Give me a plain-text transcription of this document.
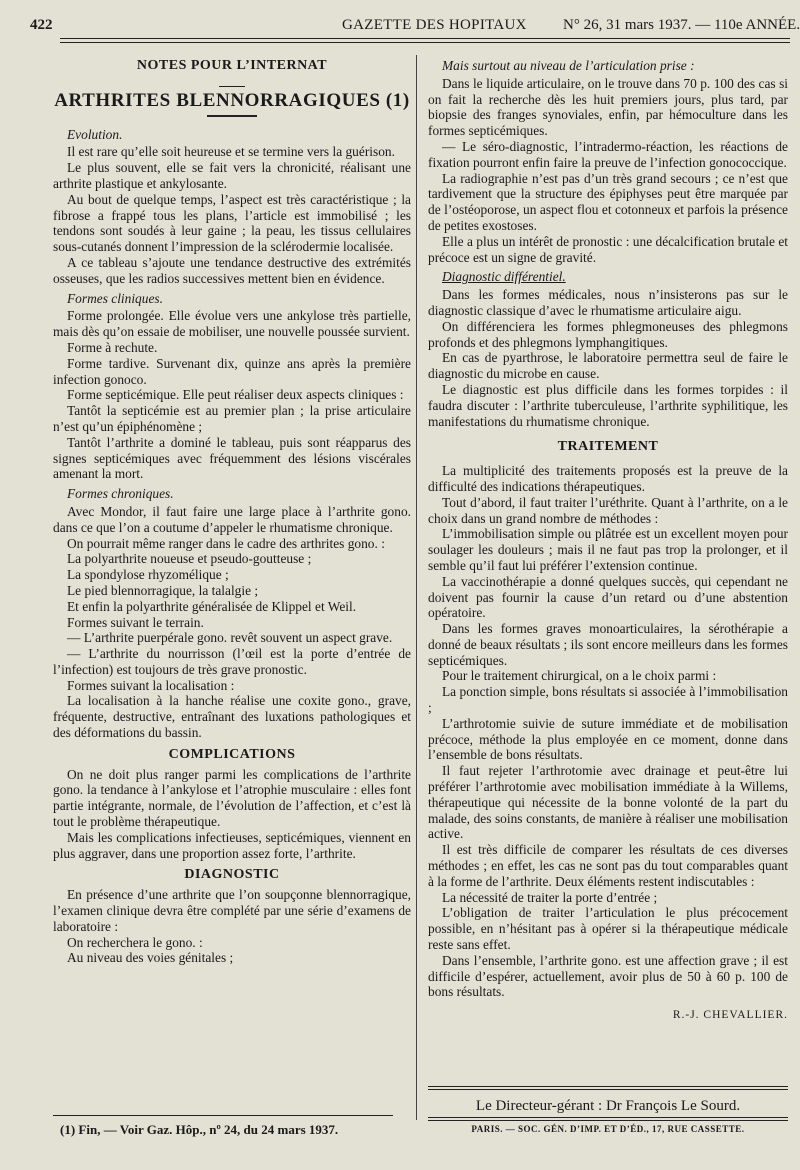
422	GAZETTE DES HOPITAUX N° 26, 31 mars 1937. — 110e ANNÉE.
NOTES POUR L’INTERNAT
ARTHRITES BLENNORRAGIQUES (1)
Evolution.

Il est rare qu’elle soit heureuse et se termine vers la guérison.

Le plus souvent, elle se fait vers la chronicité, réalisant une arthrite plastique et ankylosante.

Au bout de quelque temps, l’aspect est très caractéristique ; la fibrose a frappé tous les plans, l’article est immobilisé ; les tendons sont soudés à leur gaine ; la peau, les tissus cellulaires sous-cutanés donnent l’impression de la sclérodermie localisée.

A ce tableau s’ajoute une tendance destructive des extrémités osseuses, que les radios successives mettent bien en évidence.

Formes cliniques.

Forme prolongée. Elle évolue vers une ankylose très partielle, mais dès qu’on essaie de mobiliser, une nouvelle poussée survient.

Forme à rechute.

Forme tardive. Survenant dix, quinze ans après la première infection gonoco.

Forme septicémique. Elle peut réaliser deux aspects cliniques :

Tantôt la septicémie est au premier plan ; la prise articulaire n’est qu’un épiphénomène ;

Tantôt l’arthrite a dominé le tableau, puis sont réapparus des signes septicémiques avec fréquemment des lésions viscérales amenant la mort.

Formes chroniques.

Avec Mondor, il faut faire une large place à l’arthrite gono. dans ce que l’on a coutume d’appeler le rhumatisme chronique.

On pourrait même ranger dans le cadre des arthrites gono. :

La polyarthrite noueuse et pseudo-goutteuse ;

La spondylose rhyzomélique ;

Le pied blennorragique, la talalgie ;

Et enfin la polyarthrite généralisée de Klippel et Weil.

Formes suivant le terrain.

— L’arthrite puerpérale gono. revêt souvent un aspect grave.

— L’arthrite du nourrisson (l’œil est la porte d’entrée de l’infection) est toujours de très grave pronostic.

Formes suivant la localisation :

La localisation à la hanche réalise une coxite gono., grave, fréquente, destructive, entraînant des luxations pathologiques et des déformations du bassin.

COMPLICATIONS

On ne doit plus ranger parmi les complications de l’arthrite gono. la tendance à l’ankylose et l’atrophie musculaire : elles font partie intégrante, normale, de l’évolution de l’affection, et c’est là tout le problème thérapeutique.

Mais les complications infectieuses, septicémiques, viennent en plus aggraver, dans une proportion assez forte, l’arthrite.

DIAGNOSTIC

En présence d’une arthrite que l’on soupçonne blennorragique, l’examen clinique devra être complété par une série d’examens de laboratoire :

On recherchera le gono. :

Au niveau des voies génitales ;

(1) Fin, — Voir Gaz. Hôp., nº 24, du 24 mars 1937.
Mais surtout au niveau de l’articulation prise :

Dans le liquide articulaire, on le trouve dans 70 p. 100 des cas si on fait la recherche dès les huit premiers jours, plus tard, par biopsie des franges synoviales, enfin, par hémoculture dans les formes septicémiques.

— Le séro-diagnostic, l’intradermo-réaction, les réactions de fixation pourront enfin faire la preuve de l’infection gonococcique.

La radiographie n’est pas d’un très grand secours ; ce n’est que tardivement que la structure des épiphyses peut être marquée par de l’ostéoporose, un aspect flou et cotonneux et parfois la présence de petites exostoses.

Elle a plus un intérêt de pronostic : une décalcification brutale et précoce est un signe de gravité.

Diagnostic différentiel.

Dans les formes médicales, nous n’insisterons pas sur le diagnostic classique d’avec le rhumatisme articulaire aigu.

On différenciera les formes phlegmoneuses des phlegmons profonds et des phlegmons lymphangitiques.

En cas de pyarthrose, le laboratoire permettra seul de faire le diagnostic du microbe en cause.

Le diagnostic est plus difficile dans les formes torpides : il faudra discuter : l’arthrite tuberculeuse, l’arthrite syphilitique, les manifestations du rhumatisme chronique.

TRAITEMENT

La multiplicité des traitements proposés est la preuve de la difficulté des indications thérapeutiques.

Tout d’abord, il faut traiter l’uréthrite. Quant à l’arthrite, on a le choix dans un grand nombre de méthodes :

L’immobilisation simple ou plâtrée est un excellent moyen pour soulager les douleurs ; mais il ne faut pas trop la prolonger, et il semble qu’il faut lui préférer l’extension continue.

La vaccinothérapie a donné quelques succès, qui cependant ne doivent pas fournir la cause d’un retard ou d’une abstention opératoire.

Dans les formes graves monoarticulaires, la sérothérapie a donné de beaux résultats ; ils sont encore meilleurs dans les formes septicémiques.

Pour le traitement chirurgical, on a le choix parmi :

La ponction simple, bons résultats si associée à l’immobilisation ;

L’arthrotomie suivie de suture immédiate et de mobilisation précoce, méthode la plus employée en ce moment, donne dans l’ensemble de bons résultats.

Il faut rejeter l’arthrotomie avec drainage et peut-être lui préférer l’arthrotomie avec mobilisation immédiate à la Willems, thérapeutique qui nécessite de la bonne volonté de la part du malade, des soins constants, de manière à réaliser une mobilisation active.

Il est très difficile de comparer les résultats de ces diverses méthodes ; en effet, les cas ne sont pas du tout comparables quant à la forme de l’arthrite. Deux éléments restent indiscutables :

La nécessité de traiter la porte d’entrée ;

L’obligation de traiter l’articulation le plus précocement possible, en n’hésitant pas à opérer si la thérapeutique médicale reste sans effet.

Dans l’ensemble, l’arthrite gono. est une affection grave ; il est difficile d’espérer, actuellement, avoir plus de 50 à 60 p. 100 de bons résultats.

R.-J. CHEVALLIER.
Le Directeur-gérant : Dr François Le Sourd.
PARIS. — SOC. GÉN. D’IMP. ET D’ÉD., 17, RUE CASSETTE.
